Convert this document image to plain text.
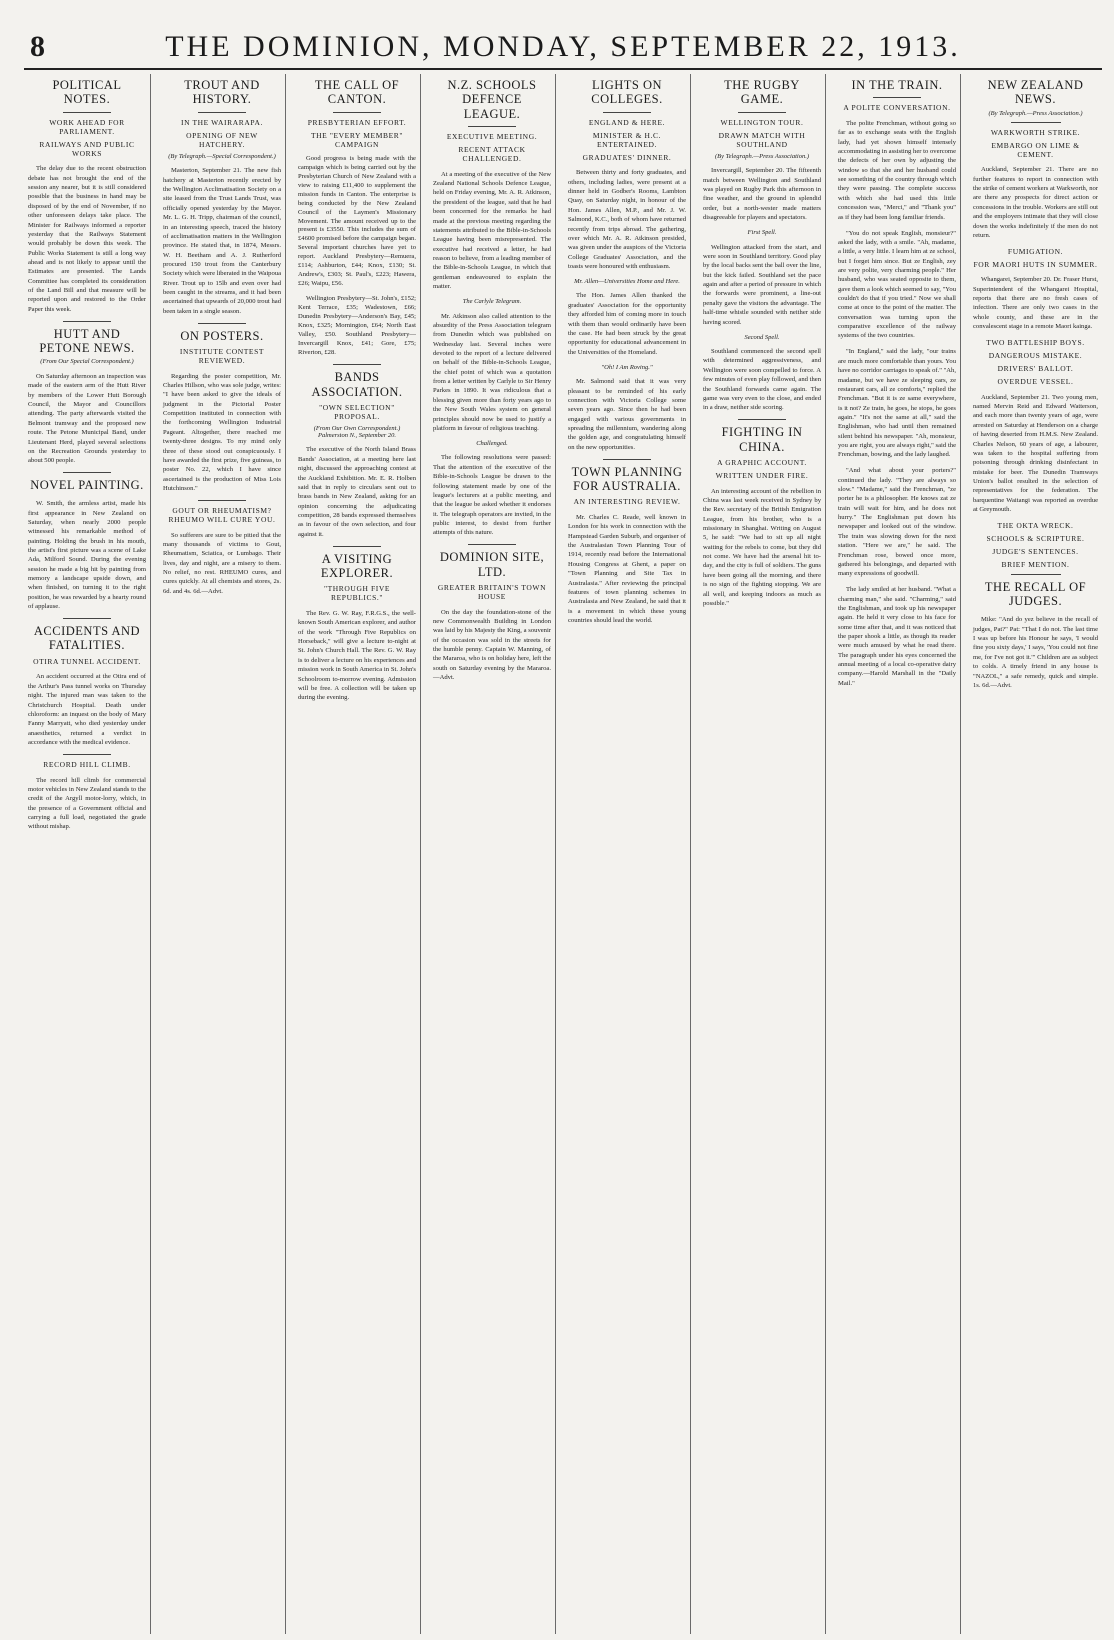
8	THE DOMINION, MONDAY, SEPTEMBER 22, 1913.
POLITICAL NOTES.
WORK AHEAD FOR PARLIAMENT.
RAILWAYS AND PUBLIC WORKS

The delay due to the recent obstruction debate has not brought the end of the session any nearer, but it is still considered possible that the business in hand may be disposed of by the end of November, if no other unforeseen delays take place. The Minister for Railways informed a reporter yesterday that the Railways Statement would probably be down this week. The Public Works Statement is still a long way ahead and is not likely to appear until the Estimates are presented. The Lands Committee has completed its consideration of the Land Bill and that measure will be reported upon and restored to the Order Paper this week.

HUTT AND PETONE NEWS.
(From Our Special Correspondent.)

On Saturday afternoon an inspection was made of the eastern arm of the Hutt River by members of the Lower Hutt Borough Council, the Mayor and Councillors attending. The party afterwards visited the Belmont tramway and the proposed new route. The Petone Municipal Band, under Lieutenant Herd, played several selections on the Recreation Grounds yesterday to about 500 people.

NOVEL PAINTING.

W. Smith, the armless artist, made his first appearance in New Zealand on Saturday, when nearly 2000 people witnessed his remarkable method of painting. Holding the brush in his mouth, the artist's first picture was a scene of Lake Ada, Milford Sound. During the evening session he made a big hit by painting from memory a landscape upside down, and when finished, on turning it to the right position, he was rewarded by a hearty round of applause.

ACCIDENTS AND FATALITIES.
OTIRA TUNNEL ACCIDENT.

An accident occurred at the Otira end of the Arthur's Pass tunnel works on Thursday night. The injured man was taken to the Christchurch Hospital. Death under chloroform: an inquest on the body of Mary Fanny Marryatt, who died yesterday under anaesthetics, returned a verdict in accordance with the medical evidence.

RECORD HILL CLIMB.

The record hill climb for commercial motor vehicles in New Zealand stands to the credit of the Argyll motor-lorry, which, in the presence of a Government official and carrying a full load, negotiated the grade without mishap.

TROUT AND HISTORY.
IN THE WAIRARAPA.
OPENING OF NEW HATCHERY.
(By Telegraph.—Special Correspondent.)

Masterton, September 21. The new fish hatchery at Masterton recently erected by the Wellington Acclimatisation Society on a site leased from the Trust Lands Trust, was officially opened yesterday by the Mayor. Mr. L. G. H. Tripp, chairman of the council, in an interesting speech, traced the history of acclimatisation matters in the Wellington province. He stated that, in 1874, Messrs. W. H. Beetham and A. J. Rutherford procured 150 trout from the Canterbury Society which were liberated in the Waipoua River. Trout up to 15lb and even over had been caught in the streams, and it had been ascertained that upwards of 20,000 trout had been taken in a single season.

ON POSTERS.
INSTITUTE CONTEST REVIEWED.

Regarding the poster competition, Mr. Charles Hillson, who was sole judge, writes: "I have been asked to give the ideals of judgment in the Pictorial Poster Competition instituted in connection with the forthcoming Wellington Industrial Pageant. Altogether, there reached me twenty-three designs. To my mind only three of these stood out conspicuously. I have awarded the first prize, five guineas, to poster No. 22, which I have since ascertained is the production of Miss Lois Hutchinson."

GOUT OR RHEUMATISM? RHEUMO WILL CURE YOU.

So sufferers are sure to be pitied that the many thousands of victims to Gout, Rheumatism, Sciatica, or Lumbago. Their lives, day and night, are a misery to them. No relief, no rest. RHEUMO cures, and cures quickly. At all chemists and stores, 2s. 6d. and 4s. 6d.—Advt.

THE CALL OF CANTON.
PRESBYTERIAN EFFORT.
THE "EVERY MEMBER" CAMPAIGN

Good progress is being made with the campaign which is being carried out by the Presbyterian Church of New Zealand with a view to raising £11,400 to supplement the mission funds in Canton. The enterprise is being conducted by the New Zealand Council of the Laymen's Missionary Movement. The amount received up to the present is £3550. This includes the sum of £4600 promised before the campaign began. Several important churches have yet to report. Auckland Presbytery—Remuera, £114; Ashburton, £44; Knox, £130; St. Andrew's, £303; St. Paul's, £223; Hawera, £26; Waipu, £56.

Wellington Presbytery—St. John's, £152; Kent Terrace, £35; Wadestown, £66; Dunedin Presbytery—Anderson's Bay, £45; Knox, £325; Mornington, £64; North East Valley, £50. Southland Presbytery—Invercargill Knox, £41; Gore, £75; Riverton, £28.

BANDS ASSOCIATION.
"OWN SELECTION" PROPOSAL.
(From Our Own Correspondent.) Palmerston N., September 20.

The executive of the North Island Brass Bands' Association, at a meeting here last night, discussed the approaching contest at the Auckland Exhibition. Mr. E. R. Holben said that in reply to circulars sent out to brass bands in New Zealand, asking for an opinion concerning the adjudicating competition, 28 bands expressed themselves as in favour of the own selection, and four against it.

A VISITING EXPLORER.
"THROUGH FIVE REPUBLICS."

The Rev. G. W. Ray, F.R.G.S., the well-known South American explorer, and author of the work "Through Five Republics on Horseback," will give a lecture to-night at St. John's Church Hall. The Rev. G. W. Ray is to deliver a lecture on his experiences and mission work in South America in St. John's Schoolroom to-morrow evening. Admission will be free. A collection will be taken up during the evening.

N.Z. SCHOOLS DEFENCE LEAGUE.
EXECUTIVE MEETING.
RECENT ATTACK CHALLENGED.

At a meeting of the executive of the New Zealand National Schools Defence League, held on Friday evening, Mr. A. R. Atkinson, the president of the league, said that he had been concerned for the remarks he had made at the previous meeting regarding the statements attributed to the Bible-in-Schools League having been misrepresented. The executive had received a letter, he had reason to believe, from a leading member of the Bible-in-Schools League, in which that gentleman endeavoured to explain the matter.

The Carlyle Telegram.

Mr. Atkinson also called attention to the absurdity of the Press Association telegram from Dunedin which was published on Wednesday last. Several inches were devoted to the report of a lecture delivered on behalf of the Bible-in-Schools League, the chief point of which was a quotation from a letter written by Carlyle to Sir Henry Parkes in 1890. It was ridiculous that a blessing given more than forty years ago to the New South Wales system on general principles should now be used to justify a platform in favour of religious teaching.

Challenged.

The following resolutions were passed: That the attention of the executive of the Bible-in-Schools League be drawn to the following statement made by one of the league's lecturers at a public meeting, and that the league be asked whether it endorses it. The telegraph operators are invited, in the public interest, to desist from further attempts of this nature.

DOMINION SITE, LTD.
GREATER BRITAIN'S TOWN HOUSE

On the day the foundation-stone of the new Commonwealth Building in London was laid by his Majesty the King, a souvenir of the occasion was sold in the streets for the humble penny. Captain W. Manning, of the Mararoa, who is on holiday here, left the south on Saturday evening by the Mararoa.—Advt.

LIGHTS ON COLLEGES.
ENGLAND & HERE.
MINISTER & H.C. ENTERTAINED.
GRADUATES' DINNER.

Between thirty and forty graduates, and others, including ladies, were present at a dinner held in Godber's Rooms, Lambton Quay, on Saturday night, in honour of the Hon. James Allen, M.P., and Mr. J. W. Salmond, K.C., both of whom have returned recently from trips abroad. The gathering, over which Mr. A. R. Atkinson presided, was given under the auspices of the Victoria College Graduates' Association, and the toasts were honoured with enthusiasm.

Mr. Allen—Universities Home and Here.

The Hon. James Allen thanked the graduates' Association for the opportunity they afforded him of coming more in touch with them than would ordinarily have been the case. He had been struck by the great opportunity for educational advancement in the Universities of the Homeland.

"Oh! I Am Roving."

Mr. Salmond said that it was very pleasant to be reminded of his early connection with Victoria College some seven years ago. Since then he had been engaged with various governments in spreading the millennium, wandering along the golden age, and congratulating himself on the new opportunities.

TOWN PLANNING FOR AUSTRALIA.
AN INTERESTING REVIEW.

Mr. Charles C. Reade, well known in London for his work in connection with the Hampstead Garden Suburb, and organiser of the Australasian Town Planning Tour of 1914, recently read before the International Housing Congress at Ghent, a paper on "Town Planning and Site Tax in Australasia." After reviewing the principal features of town planning schemes in Australasia and New Zealand, he said that it is a movement in which these young countries should lead the world.

THE RUGBY GAME.
WELLINGTON TOUR.
DRAWN MATCH WITH SOUTHLAND
(By Telegraph.—Press Association.)

Invercargill, September 20. The fifteenth match between Wellington and Southland was played on Rugby Park this afternoon in fine weather, and the ground in splendid order, but a north-wester made matters disagreeable for players and spectators.

First Spell.

Wellington attacked from the start, and were soon in Southland territory. Good play by the local backs sent the ball over the line, but the kick failed. Southland set the pace again and after a period of pressure in which the forwards were prominent, a line-out penalty gave the visitors the advantage. The half-time whistle sounded with neither side having scored.

Second Spell.

Southland commenced the second spell with determined aggressiveness, and Wellington were soon compelled to force. A few minutes of even play followed, and then the Southland forwards came again. The game was very even to the close, and ended in a draw, neither side scoring.

FIGHTING IN CHINA.
A GRAPHIC ACCOUNT.
WRITTEN UNDER FIRE.

An interesting account of the rebellion in China was last week received in Sydney by the Rev. secretary of the British Emigration League, from his brother, who is a missionary in Shanghai. Writing on August 5, he said: "We had to sit up all night waiting for the rebels to come, but they did not come. We have had the arsenal hit to-day, and the city is full of soldiers. The guns have been going all the morning, and there is no sign of the fighting stopping. We are all well, and keeping indoors as much as possible."

IN THE TRAIN.
A POLITE CONVERSATION.

The polite Frenchman, without going so far as to exchange seats with the English lady, had yet shown himself intensely accommodating in assisting her to overcome the defects of her own by adjusting the window so that she and her husband could see something of the country through which they were passing. The complete success with which she had used this little concession was, "Merci," and "Thank you" as if they had been long familiar friends.

"You do not speak English, monsieur?" asked the lady, with a smile. "Ah, madame, a little, a very little. I learn him at ze school, but I forget him since. But ze English, zey are very polite, very charming people." Her husband, who was seated opposite to them, gave them a look which seemed to say, "You couldn't do that if you tried." Now we shall come at once to the point of the matter. The conversation was turning upon the comparative excellence of the railway systems of the two countries.

"In England," said the lady, "our trains are much more comfortable than yours. You have no corridor carriages to speak of." "Ah, madame, but we have ze sleeping cars, ze restaurant cars, all ze comforts," replied the Frenchman. "But it is ze same everywhere, is it not? Ze train, he goes, he stops, he goes again." "It's not the same at all," said the Englishman, who had until then remained silent behind his newspaper. "Ah, monsieur, you are right, you are always right," said the Frenchman, bowing, and the lady laughed.

"And what about your porters?" continued the lady. "They are always so slow." "Madame," said the Frenchman, "ze porter he is a philosopher. He knows zat ze train will wait for him, and he does not hurry." The Englishman put down his newspaper and looked out of the window. The train was slowing down for the next station. "Here we are," he said. The Frenchman rose, bowed once more, gathered his belongings, and departed with many expressions of goodwill.

The lady smiled at her husband. "What a charming man," she said. "Charming," said the Englishman, and took up his newspaper again. He held it very close to his face for some time after that, and it was noticed that the paper shook a little, as though its reader were much amused by what he read there. The paragraph under his eyes concerned the annual meeting of a local co-operative dairy company.—Harold Marshall in the "Daily Mail."

NEW ZEALAND NEWS.
(By Telegraph.—Press Association.)
WARKWORTH STRIKE.
EMBARGO ON LIME & CEMENT.

Auckland, September 21. There are no further features to report in connection with the strike of cement workers at Warkworth, nor are there any prospects for direct action or concessions in the trouble. Workers are still out and the employers intimate that they will close down the works indefinitely if the men do not return.

FUMIGATION.
FOR MAORI HUTS IN SUMMER.

Whangarei, September 20. Dr. Fraser Hurst, Superintendent of the Whangarei Hospital, reports that there are no fresh cases of infection. There are only two cases in the whole county, and these are in the convalescent stage in a remote Maori kainga.

TWO BATTLESHIP BOYS.
DANGEROUS MISTAKE.
DRIVERS' BALLOT.
OVERDUE VESSEL.

Auckland, September 21. Two young men, named Mervin Reid and Edward Watterson, and each more than twenty years of age, were arrested on Saturday at Henderson on a charge of having deserted from H.M.S. New Zealand. Charles Nelson, 60 years of age, a labourer, was taken to the hospital suffering from poisoning through drinking disinfectant in mistake for beer. The Dunedin Tramways Union's ballot resulted in the selection of representatives for the federation. The barquentine Waitangi was reported as overdue at Greymouth.

THE OKTA WRECK.
SCHOOLS & SCRIPTURE.
JUDGE'S SENTENCES.
BRIEF MENTION.
THE RECALL OF JUDGES.

Mike: "And do yez believe in the recall of judges, Pat?" Pat: "That I do not. The last time I was up before his Honour he says, 'I would fine you sixty days,' I says, 'You could not fine me, for I've not got it.'" Children are as subject to colds. A timely friend in any house is "NAZOL," a safe remedy, quick and simple. 1s. 6d.—Advt.
